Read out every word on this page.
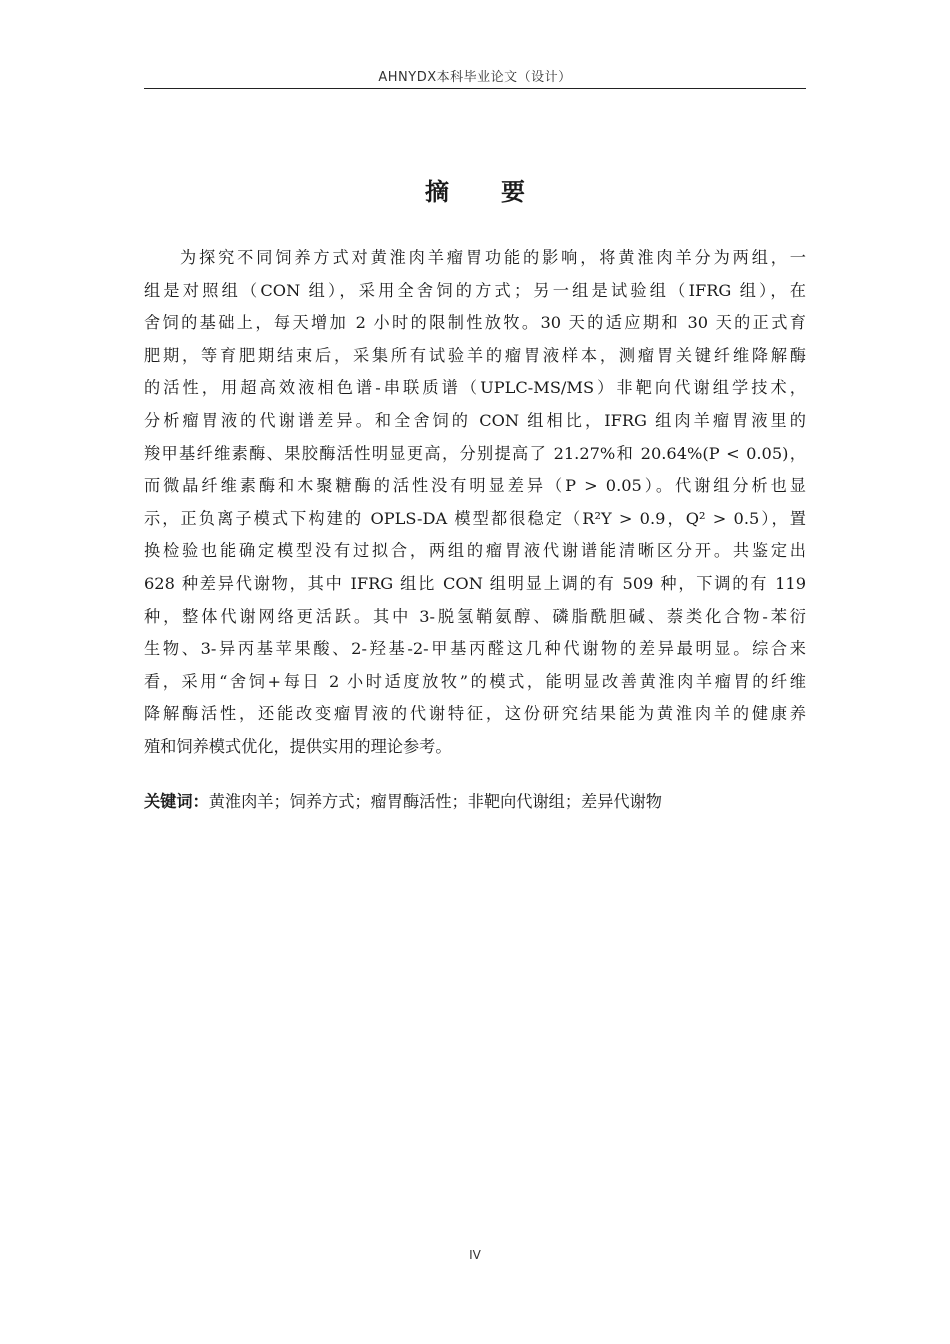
AHNYDX本科毕业论文（设计）
摘 要
为探究不同饲养方式对黄淮肉羊瘤胃功能的影响，将黄淮肉羊分为两组，一
组是对照组（CON 组），采用全舍饲的方式；另一组是试验组（IFRG 组），在
舍饲的基础上，每天增加 2 小时的限制性放牧。30 天的适应期和 30 天的正式育
肥期，等育肥期结束后，采集所有试验羊的瘤胃液样本，测瘤胃关键纤维降解酶
的活性，用超高效液相色谱-串联质谱（UPLC-MS/MS）非靶向代谢组学技术，
分析瘤胃液的代谢谱差异。和全舍饲的 CON 组相比，IFRG 组肉羊瘤胃液里的
羧甲基纤维素酶、果胶酶活性明显更高，分别提高了 21.27%和 20.64%(P < 0.05)，
而微晶纤维素酶和木聚糖酶的活性没有明显差异（P > 0.05）。代谢组分析也显
示，正负离子模式下构建的 OPLS-DA 模型都很稳定（R²Y > 0.9，Q² > 0.5），置
换检验也能确定模型没有过拟合，两组的瘤胃液代谢谱能清晰区分开。共鉴定出
628 种差异代谢物，其中 IFRG 组比 CON 组明显上调的有 509 种，下调的有 119
种，整体代谢网络更活跃。其中 3-脱氢鞘氨醇、磷脂酰胆碱、萘类化合物-苯衍
生物、3-异丙基苹果酸、2-羟基-2-甲基丙醛这几种代谢物的差异最明显。综合来
看，采用“舍饲+每日 2 小时适度放牧”的模式，能明显改善黄淮肉羊瘤胃的纤维
降解酶活性，还能改变瘤胃液的代谢特征，这份研究结果能为黄淮肉羊的健康养
殖和饲养模式优化，提供实用的理论参考。
关键词：黄淮肉羊；饲养方式；瘤胃酶活性；非靶向代谢组；差异代谢物
IV
